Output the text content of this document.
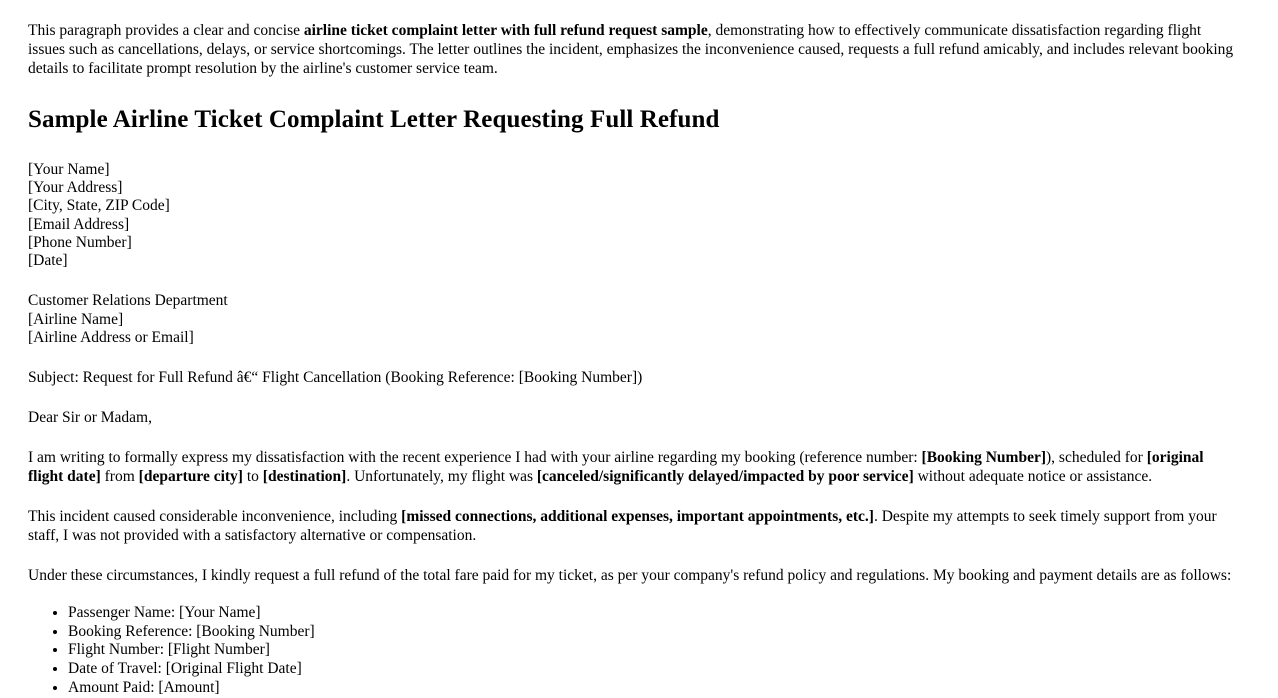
This paragraph provides a clear and concise airline ticket complaint letter with full refund request sample, demonstrating how to effectively communicate dissatisfaction regarding flight issues such as cancellations, delays, or service shortcomings. The letter outlines the incident, emphasizes the inconvenience caused, requests a full refund amicably, and includes relevant booking details to facilitate prompt resolution by the airline's customer service team.

Sample Airline Ticket Complaint Letter Requesting Full Refund
[Your Name]
[Your Address]
[City, State, ZIP Code]
[Email Address]
[Phone Number]
[Date]
Customer Relations Department
[Airline Name]
[Airline Address or Email]

Subject: Request for Full Refund â€“ Flight Cancellation (Booking Reference: [Booking Number])

Dear Sir or Madam,

I am writing to formally express my dissatisfaction with the recent experience I had with your airline regarding my booking (reference number: [Booking Number]), scheduled for [original flight date] from [departure city] to [destination]. Unfortunately, my flight was [canceled/significantly delayed/impacted by poor service] without adequate notice or assistance.

This incident caused considerable inconvenience, including [missed connections, additional expenses, important appointments, etc.]. Despite my attempts to seek timely support from your staff, I was not provided with a satisfactory alternative or compensation.

Under these circumstances, I kindly request a full refund of the total fare paid for my ticket, as per your company's refund policy and regulations. My booking and payment details are as follows:

• Passenger Name: [Your Name]
• Booking Reference: [Booking Number]
• Flight Number: [Flight Number]
• Date of Travel: [Original Flight Date]
• Amount Paid: [Amount]
